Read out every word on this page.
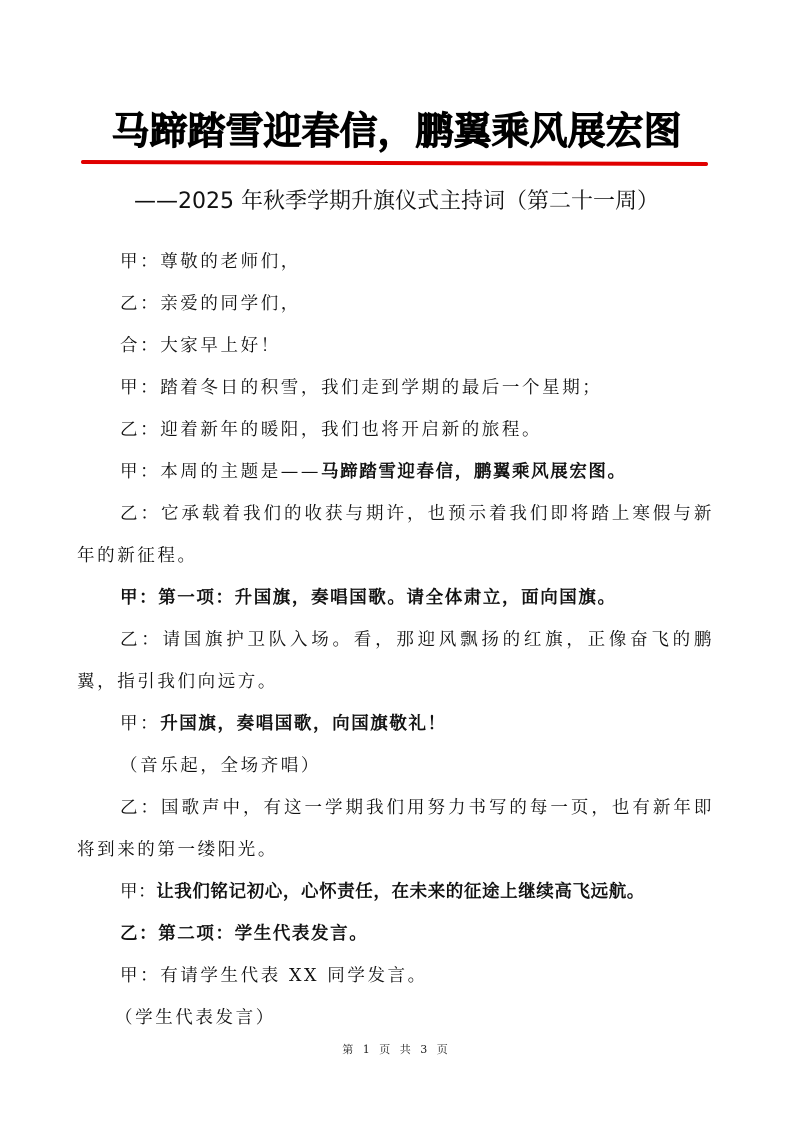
马蹄踏雪迎春信，鹏翼乘风展宏图
——2025 年秋季学期升旗仪式主持词（第二十一周）

甲：尊敬的老师们，

乙：亲爱的同学们，

合：大家早上好！

甲：踏着冬日的积雪，我们走到学期的最后一个星期；

乙：迎着新年的暖阳，我们也将开启新的旅程。

甲：本周的主题是——马蹄踏雪迎春信，鹏翼乘风展宏图。

乙：它承载着我们的收获与期许，也预示着我们即将踏上寒假与新年的新征程。

甲：第一项：升国旗，奏唱国歌。请全体肃立，面向国旗。

乙：请国旗护卫队入场。看，那迎风飘扬的红旗，正像奋飞的鹏翼，指引我们向远方。

甲：升国旗，奏唱国歌，向国旗敬礼！

（音乐起，全场齐唱）

乙：国歌声中，有这一学期我们用努力书写的每一页，也有新年即将到来的第一缕阳光。

甲：让我们铭记初心，心怀责任，在未来的征途上继续高飞远航。

乙：第二项：学生代表发言。

甲：有请学生代表 XX 同学发言。

（学生代表发言）

第 1 页 共 3 页
